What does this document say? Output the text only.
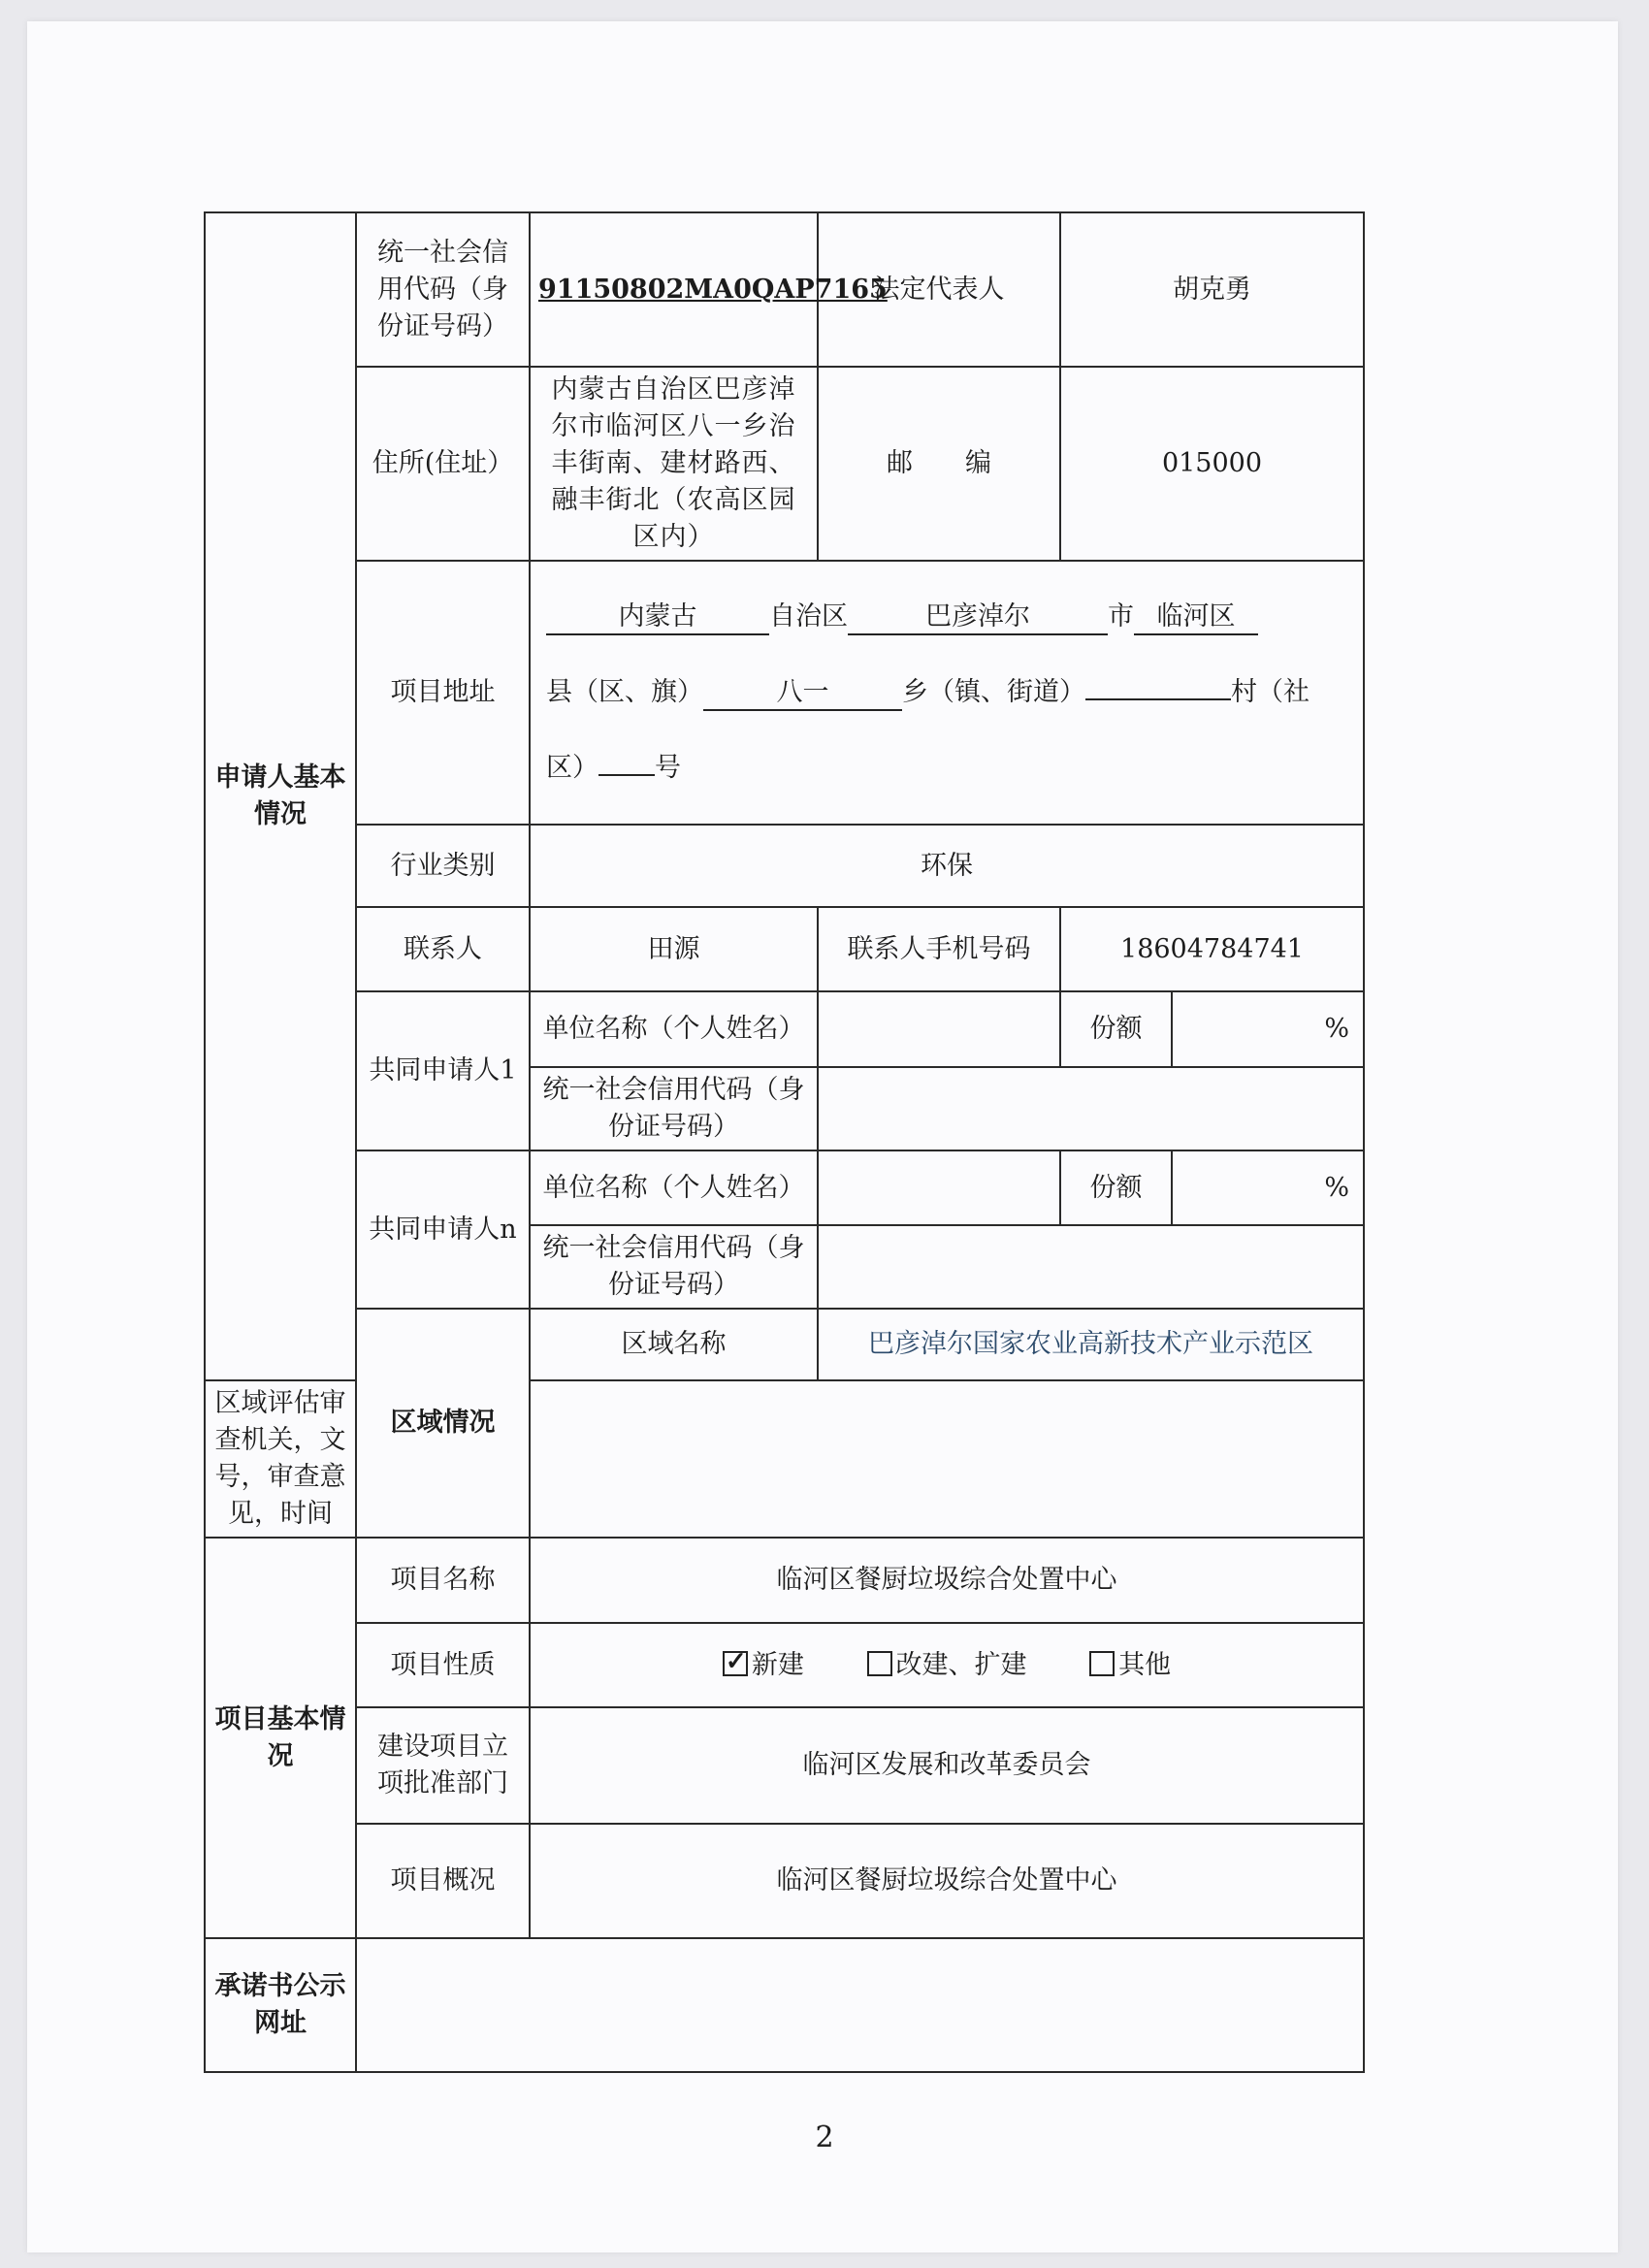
申请人基本情况	统一社会信用代码（身份证号码）	91150802MA0QAP7165	法定代表人	胡克勇	
	住所(住址）	内蒙古自治区巴彦淖尔市临河区八一乡治丰街南、建材路西、融丰街北（农高区园区内）	邮　　编	015000	
	项目地址	内蒙古 自治区 巴彦淖尔 市 临河区
县（区、旗） 八一 乡（镇、街道） 村（社区） 号			
	行业类别	环保			
	联系人	田源	联系人手机号码	18604784741	
	共同申请人1	单位名称（个人姓名）		份额	%
		统一社会信用代码（身份证号码）			
	共同申请人n	单位名称（个人姓名）		份额	%
		统一社会信用代码（身份证号码）			
	区域情况	区域名称	巴彦淖尔国家农业高新技术产业示范区		
区域评估审查机关，文号，审查意见，时间					
项目基本情况	项目名称	临河区餐厨垃圾综合处置中心			
	项目性质	✓新建 改建、扩建 其他
	建设项目立项批准部门	临河区发展和改革委员会			
	项目概况	临河区餐厨垃圾综合处置中心			
承诺书公示网址					
2
